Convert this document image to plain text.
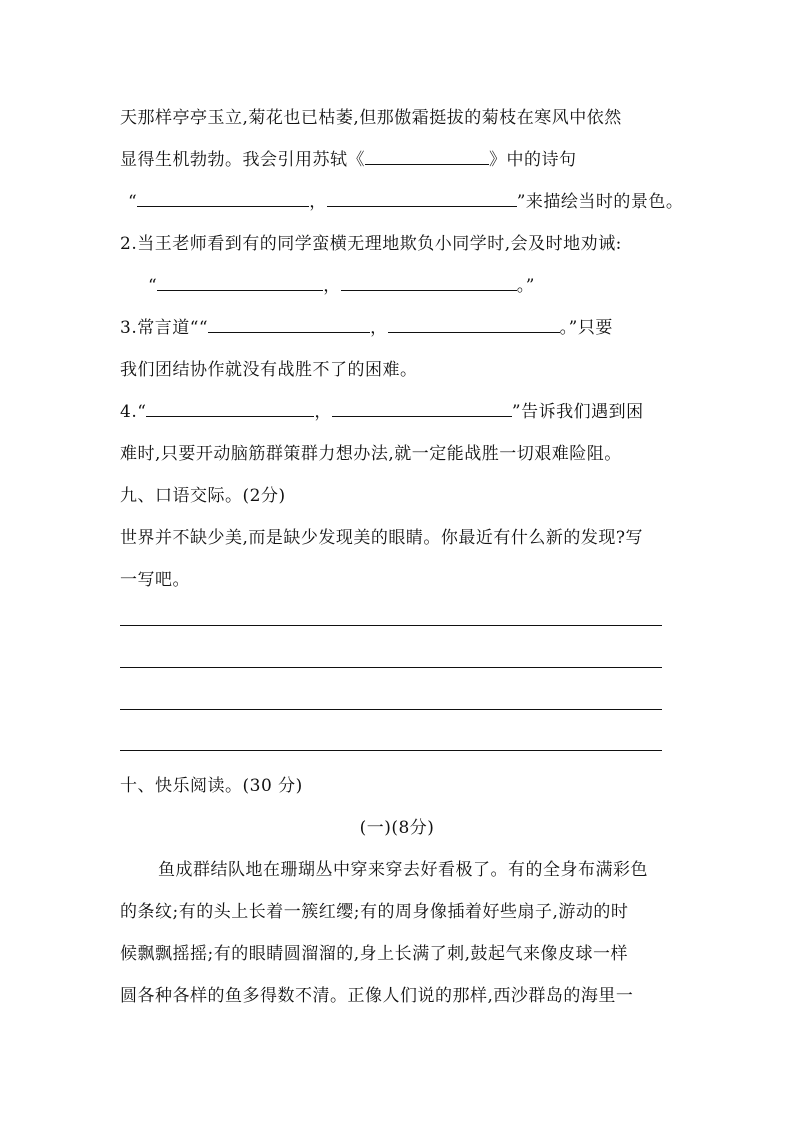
天那样亭亭玉立,菊花也已枯萎,但那傲霜挺拔的菊枝在寒风中依然
显得生机勃勃。我会引用苏轼《	》中的诗句
“	，	”来描绘当时的景色。
2.当王老师看到有的同学蛮横无理地欺负小同学时,会及时地劝诫:
“	，	。”
3.常言道““	，	。”只要
我们团结协作就没有战胜不了的困难。
4.“	，	”告诉我们遇到困
难时,只要开动脑筋群策群力想办法,就一定能战胜一切艰难险阻。
九、口语交际。(2分)
世界并不缺少美,而是缺少发现美的眼睛。你最近有什么新的发现?写
一写吧。
十、快乐阅读。(30 分)
(一)(8分)
鱼成群结队地在珊瑚丛中穿来穿去好看极了。有的全身布满彩色
的条纹;有的头上长着一簇红缨;有的周身像插着好些扇子,游动的时
候飘飘摇摇;有的眼睛圆溜溜的,身上长满了刺,鼓起气来像皮球一样
圆各种各样的鱼多得数不清。正像人们说的那样,西沙群岛的海里一
